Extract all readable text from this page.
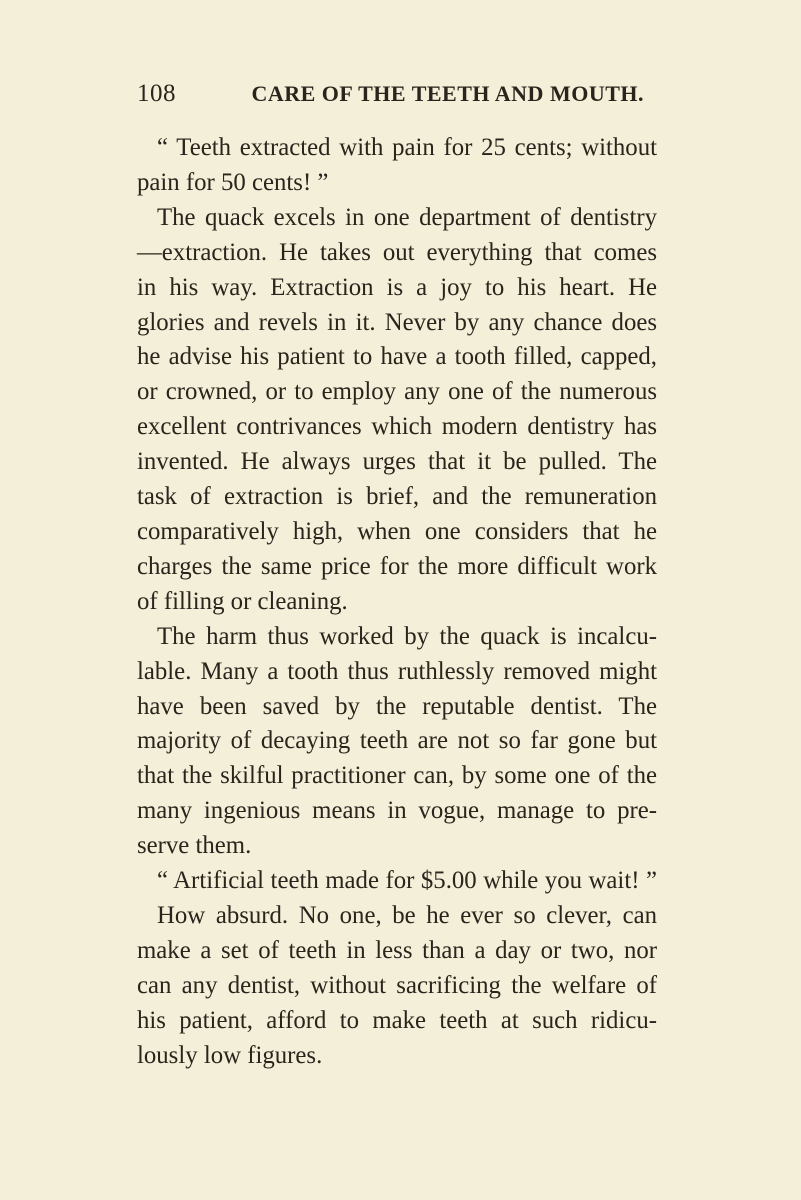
108	CARE OF THE TEETH AND MOUTH.
“ Teeth extracted with pain for 25 cents; without
pain for 50 cents! ”
The quack excels in one department of dentistry
—extraction. He takes out everything that comes
in his way. Extraction is a joy to his heart. He
glories and revels in it. Never by any chance does
he advise his patient to have a tooth filled, capped,
or crowned, or to employ any one of the numerous
excellent contrivances which modern dentistry has
invented. He always urges that it be pulled. The
task of extraction is brief, and the remuneration
comparatively high, when one considers that he
charges the same price for the more difficult work
of filling or cleaning.
The harm thus worked by the quack is incalcu-
lable. Many a tooth thus ruthlessly removed might
have been saved by the reputable dentist. The
majority of decaying teeth are not so far gone but
that the skilful practitioner can, by some one of the
many ingenious means in vogue, manage to pre-
serve them.
“ Artificial teeth made for $5.00 while you wait! ”
How absurd. No one, be he ever so clever, can
make a set of teeth in less than a day or two, nor
can any dentist, without sacrificing the welfare of
his patient, afford to make teeth at such ridicu-
lously low figures.
